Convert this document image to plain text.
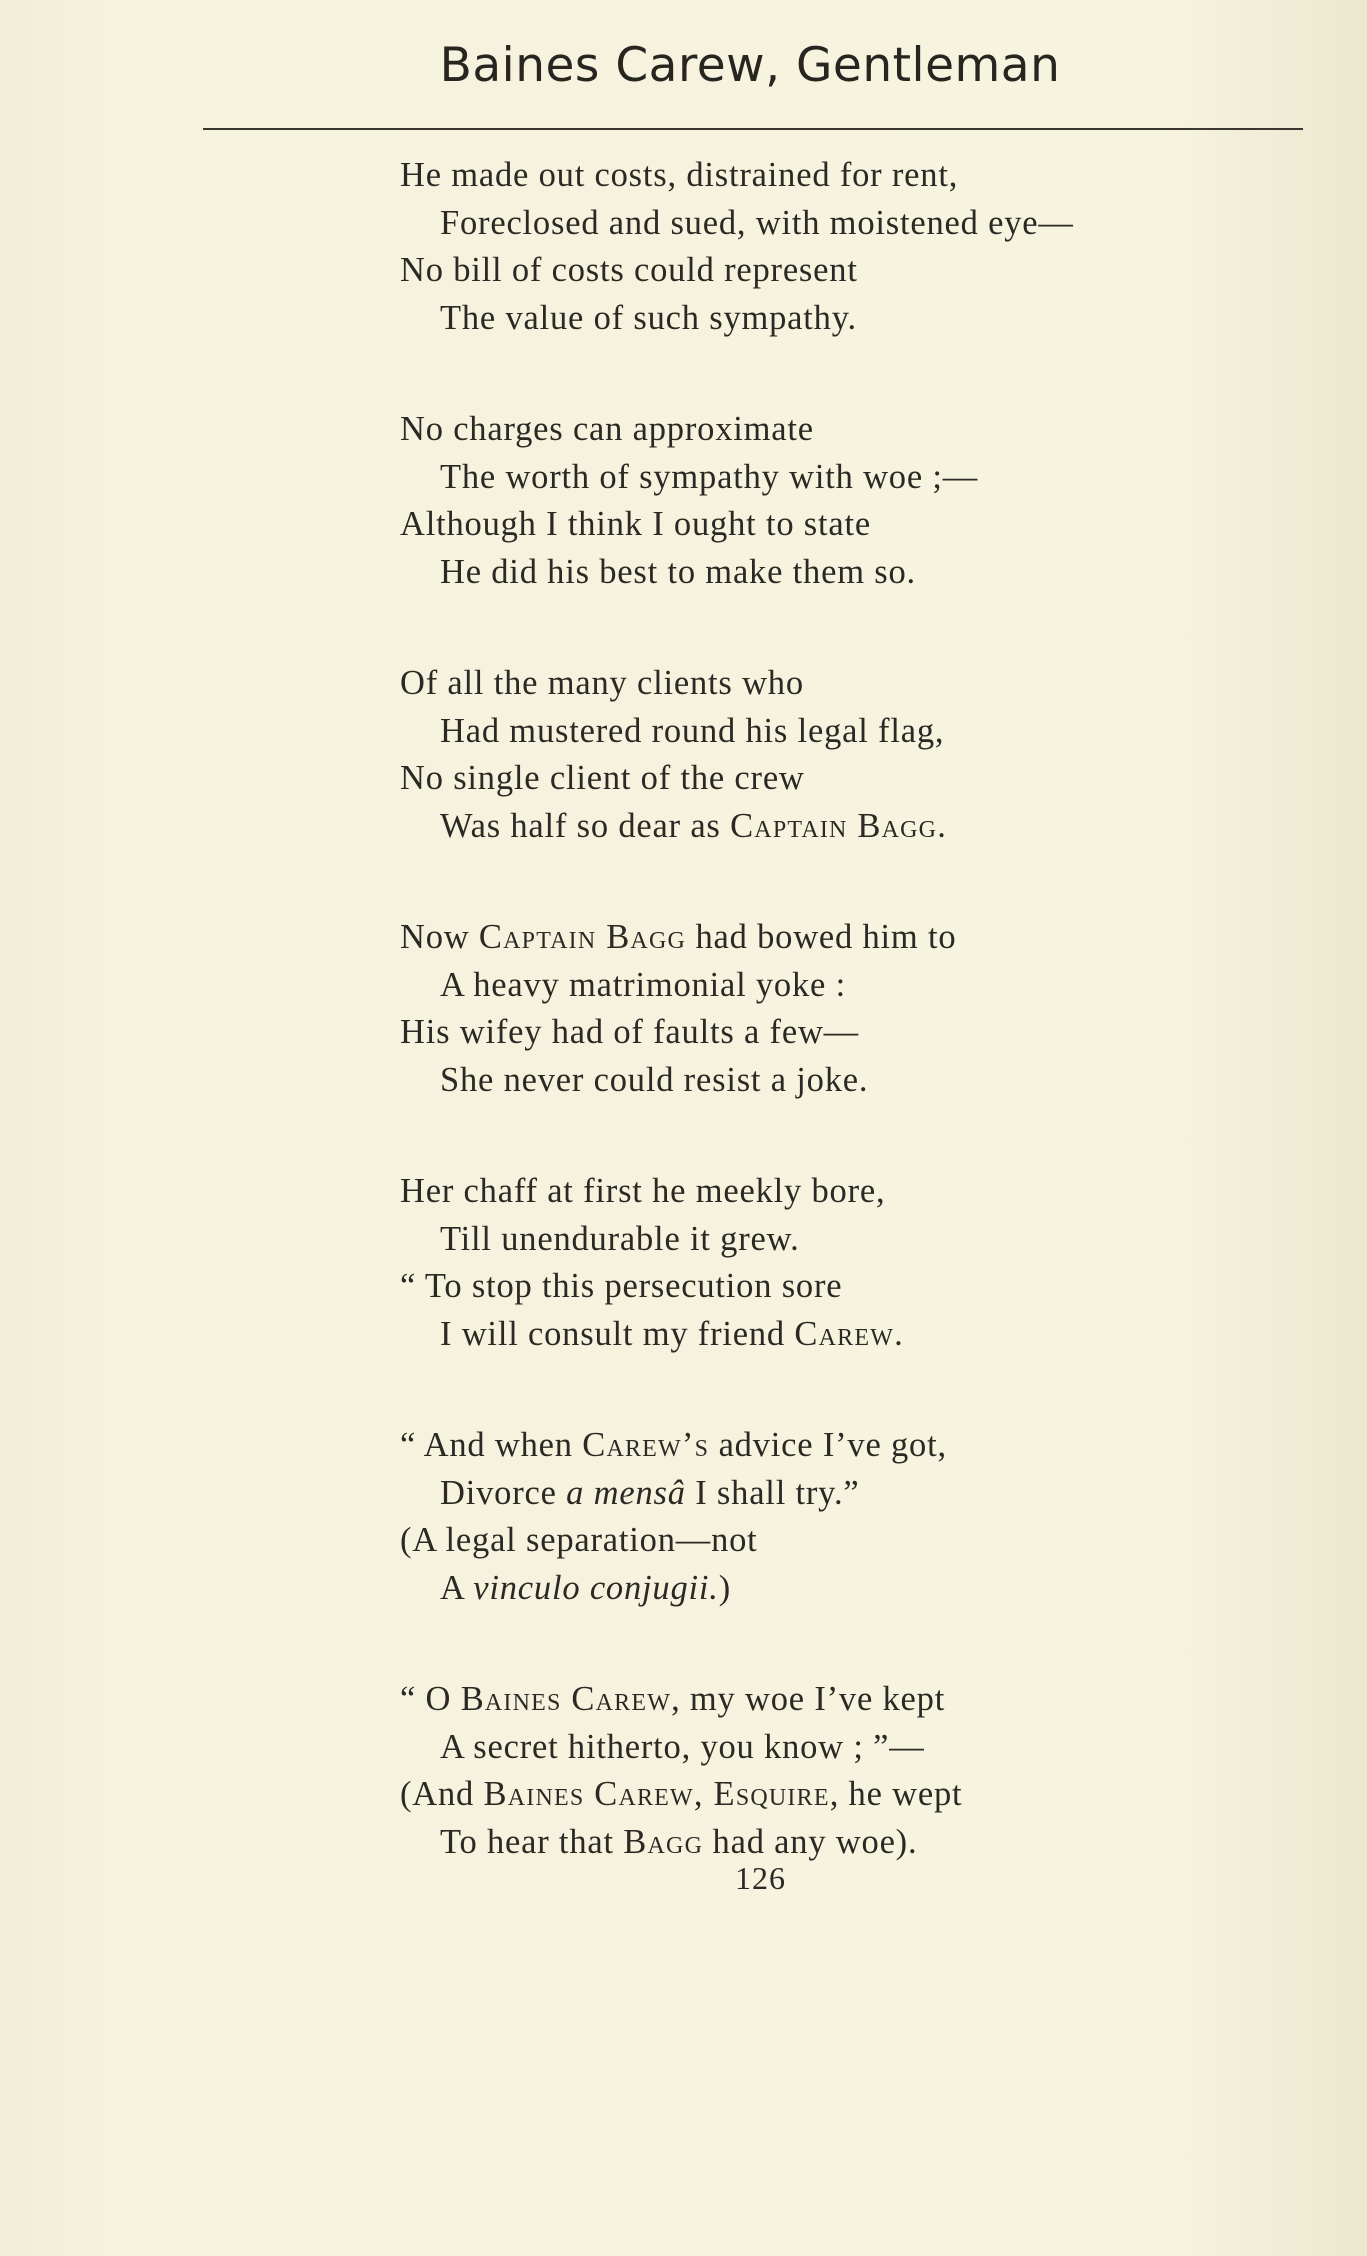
Baines Carew, Gentleman
He made out costs, distrained for rent,
Foreclosed and sued, with moistened eye—
No bill of costs could represent
The value of such sympathy.
No charges can approximate
The worth of sympathy with woe ;—
Although I think I ought to state
He did his best to make them so.
Of all the many clients who
Had mustered round his legal flag,
No single client of the crew
Was half so dear as Captain Bagg.
Now Captain Bagg had bowed him to
A heavy matrimonial yoke :
His wifey had of faults a few—
She never could resist a joke.
Her chaff at first he meekly bore,
Till unendurable it grew.
“ To stop this persecution sore
I will consult my friend Carew.
“ And when Carew’s advice I’ve got,
Divorce a mensâ I shall try.”
(A legal separation—not
A vinculo conjugii.)
“ O Baines Carew, my woe I’ve kept
A secret hitherto, you know ; ”—
(And Baines Carew, Esquire, he wept
To hear that Bagg had any woe).
126
